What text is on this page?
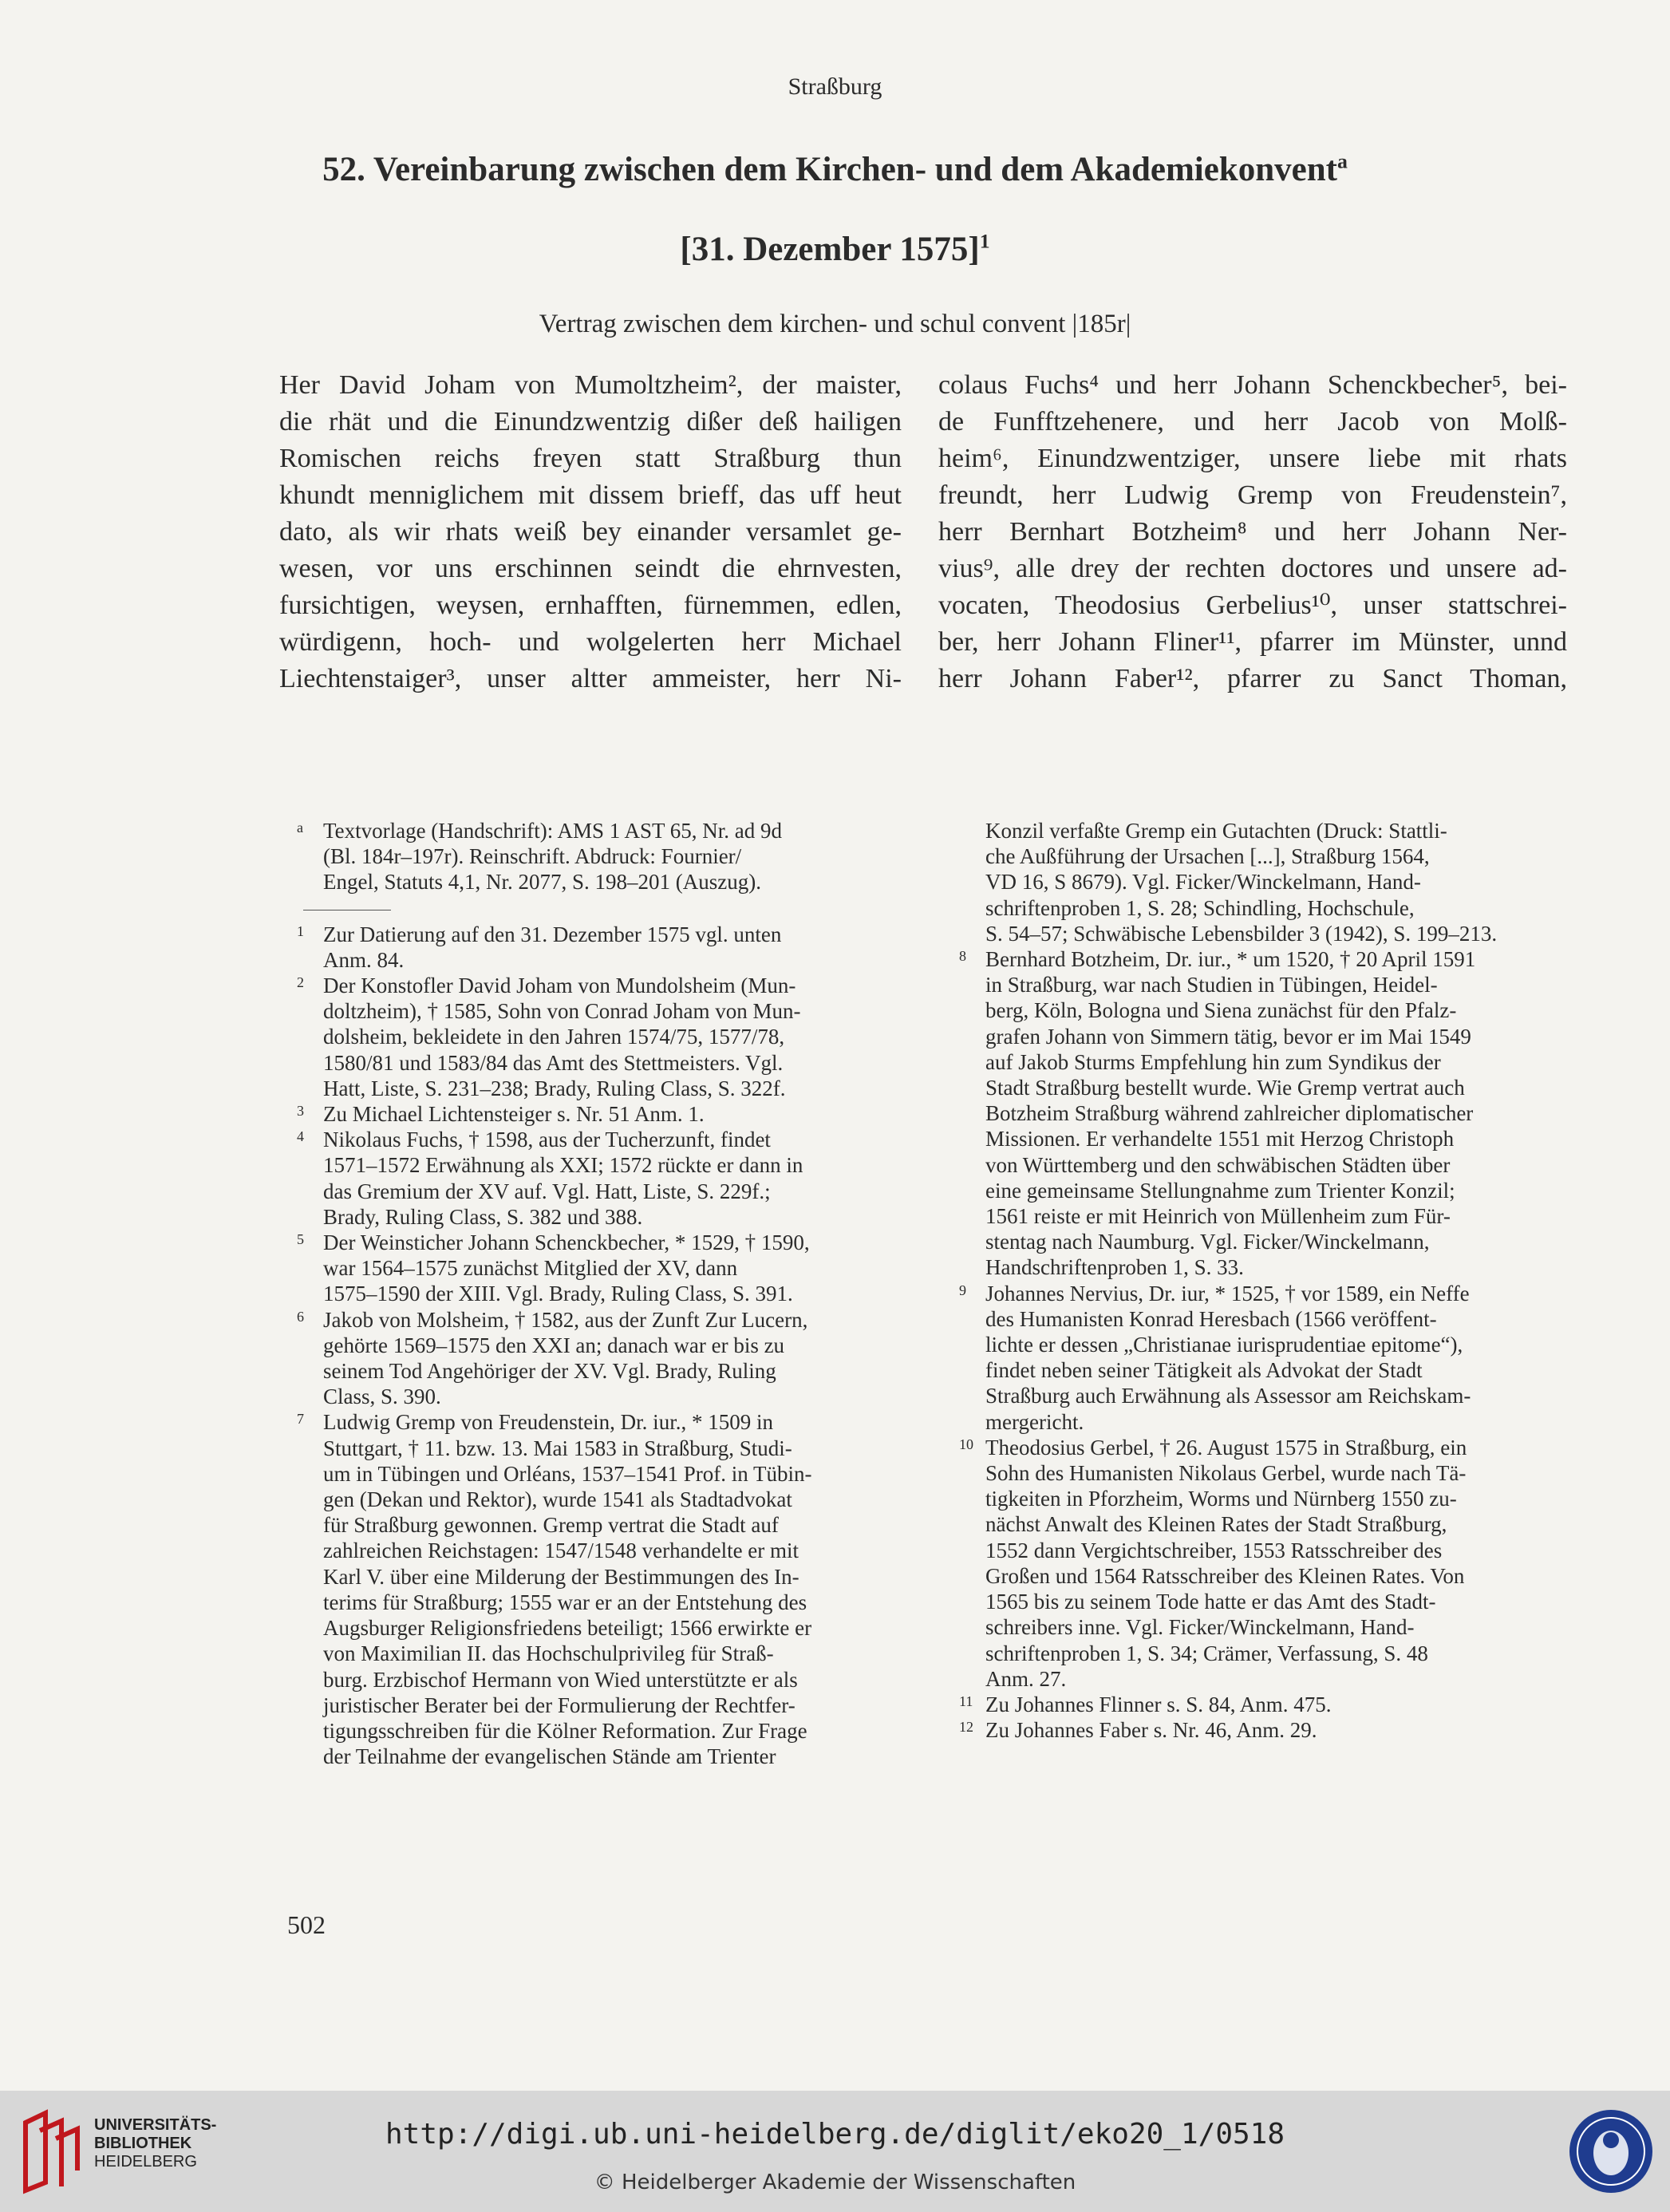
Straßburg
52. Vereinbarung zwischen dem Kirchen- und dem Akademiekonvent$^a$
[31. Dezember 1575]$^1$
Vertrag zwischen dem kirchen- und schul convent |185r|
Her David Joham von Mumoltzheim², der maister,
die rhät und die Einundzwentzig dißer deß hailigen
Romischen reichs freyen statt Straßburg thun
khundt menniglichem mit dissem brieff, das uff heut
dato, als wir rhats weiß bey einander versamlet ge-
wesen, vor uns erschinnen seindt die ehrnvesten,
fursichtigen, weysen, ernhafften, fürnemmen, edlen,
würdigenn, hoch- und wolgelerten herr Michael
Liechtenstaiger³, unser altter ammeister, herr Ni-
colaus Fuchs⁴ und herr Johann Schenckbecher⁵, bei-
de Funfftzehenere, und herr Jacob von Molß-
heim⁶, Einundzwentziger, unsere liebe mit rhats
freundt, herr Ludwig Gremp von Freudenstein⁷,
herr Bernhart Botzheim⁸ und herr Johann Ner-
vius⁹, alle drey der rechten doctores und unsere ad-
vocaten, Theodosius Gerbelius¹⁰, unser stattschrei-
ber, herr Johann Fliner¹¹, pfarrer im Münster, unnd
herr Johann Faber¹², pfarrer zu Sanct Thoman,
a Textvorlage (Handschrift): AMS 1 AST 65, Nr. ad 9d
(Bl. 184r–197r). Reinschrift. Abdruck: Fournier/
Engel, Statuts 4,1, Nr. 2077, S. 198–201 (Auszug).
1 Zur Datierung auf den 31. Dezember 1575 vgl. unten
Anm. 84.
2 Der Konstofler David Joham von Mundolsheim (Mun-
doltzheim), † 1585, Sohn von Conrad Joham von Mun-
dolsheim, bekleidete in den Jahren 1574/75, 1577/78,
1580/81 und 1583/84 das Amt des Stettmeisters. Vgl.
Hatt, Liste, S. 231–238; Brady, Ruling Class, S. 322f.
3 Zu Michael Lichtensteiger s. Nr. 51 Anm. 1.
4 Nikolaus Fuchs, † 1598, aus der Tucherzunft, findet
1571–1572 Erwähnung als XXI; 1572 rückte er dann in
das Gremium der XV auf. Vgl. Hatt, Liste, S. 229f.;
Brady, Ruling Class, S. 382 und 388.
5 Der Weinsticher Johann Schenckbecher, * 1529, † 1590,
war 1564–1575 zunächst Mitglied der XV, dann
1575–1590 der XIII. Vgl. Brady, Ruling Class, S. 391.
6 Jakob von Molsheim, † 1582, aus der Zunft Zur Lucern,
gehörte 1569–1575 den XXI an; danach war er bis zu
seinem Tod Angehöriger der XV. Vgl. Brady, Ruling
Class, S. 390.
7 Ludwig Gremp von Freudenstein, Dr. iur., * 1509 in
Stuttgart, † 11. bzw. 13. Mai 1583 in Straßburg, Studi-
um in Tübingen und Orléans, 1537–1541 Prof. in Tübin-
gen (Dekan und Rektor), wurde 1541 als Stadtadvokat
für Straßburg gewonnen. Gremp vertrat die Stadt auf
zahlreichen Reichstagen: 1547/1548 verhandelte er mit
Karl V. über eine Milderung der Bestimmungen des In-
terims für Straßburg; 1555 war er an der Entstehung des
Augsburger Religionsfriedens beteiligt; 1566 erwirkte er
von Maximilian II. das Hochschulprivileg für Straß-
burg. Erzbischof Hermann von Wied unterstützte er als
juristischer Berater bei der Formulierung der Rechtfer-
tigungsschreiben für die Kölner Reformation. Zur Frage
der Teilnahme der evangelischen Stände am Trienter
Konzil verfaßte Gremp ein Gutachten (Druck: Stattli-
che Außführung der Ursachen [...], Straßburg 1564,
VD 16, S 8679). Vgl. Ficker/Winckelmann, Hand-
schriftenproben 1, S. 28; Schindling, Hochschule,
S. 54–57; Schwäbische Lebensbilder 3 (1942), S. 199–213.
8 Bernhard Botzheim, Dr. iur., * um 1520, † 20 April 1591
in Straßburg, war nach Studien in Tübingen, Heidel-
berg, Köln, Bologna und Siena zunächst für den Pfalz-
grafen Johann von Simmern tätig, bevor er im Mai 1549
auf Jakob Sturms Empfehlung hin zum Syndikus der
Stadt Straßburg bestellt wurde. Wie Gremp vertrat auch
Botzheim Straßburg während zahlreicher diplomatischer
Missionen. Er verhandelte 1551 mit Herzog Christoph
von Württemberg und den schwäbischen Städten über
eine gemeinsame Stellungnahme zum Trienter Konzil;
1561 reiste er mit Heinrich von Müllenheim zum Für-
stentag nach Naumburg. Vgl. Ficker/Winckelmann,
Handschriftenproben 1, S. 33.
9 Johannes Nervius, Dr. iur, * 1525, † vor 1589, ein Neffe
des Humanisten Konrad Heresbach (1566 veröffent-
lichte er dessen „Christianae iurisprudentiae epitome“),
findet neben seiner Tätigkeit als Advokat der Stadt
Straßburg auch Erwähnung als Assessor am Reichskam-
mergericht.
10 Theodosius Gerbel, † 26. August 1575 in Straßburg, ein
Sohn des Humanisten Nikolaus Gerbel, wurde nach Tä-
tigkeiten in Pforzheim, Worms und Nürnberg 1550 zu-
nächst Anwalt des Kleinen Rates der Stadt Straßburg,
1552 dann Vergichtschreiber, 1553 Ratsschreiber des
Großen und 1564 Ratsschreiber des Kleinen Rates. Von
1565 bis zu seinem Tode hatte er das Amt des Stadt-
schreibers inne. Vgl. Ficker/Winckelmann, Hand-
schriftenproben 1, S. 34; Crämer, Verfassung, S. 48
Anm. 27.
11 Zu Johannes Flinner s. S. 84, Anm. 475.
12 Zu Johannes Faber s. Nr. 46, Anm. 29.
502
UNIVERSITÄTS-
BIBLIOTHEK
HEIDELBERG
http://digi.ub.uni-heidelberg.de/diglit/eko20_1/0518
© Heidelberger Akademie der Wissenschaften
